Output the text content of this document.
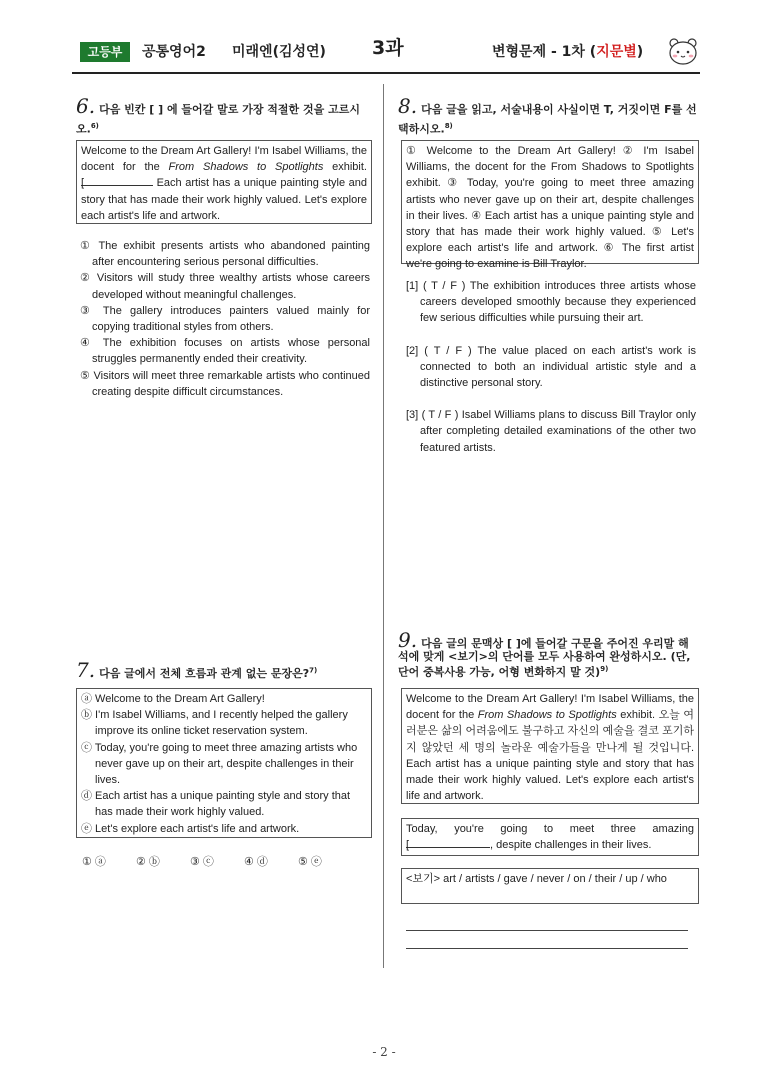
고등부	공통영어2 미래엔(김성연) 3과	변형문제 - 1차 (지문별)
6. 다음 빈칸 [ ] 에 들어갈 말로 가장 적절한 것을 고르시오.$^{6)}$
Welcome to the Dream Art Gallery! I'm Isabel Williams, the docent for the From Shadows to Spotlights exhibit. [	Each artist has a unique painting style and story that has made their work highly valued. Let's explore each artist's life and artwork.
① The exhibit presents artists who abandoned painting after encountering serious personal difficulties.
② Visitors will study three wealthy artists whose careers developed without meaningful challenges.
③ The gallery introduces painters valued mainly for copying traditional styles from others.
④ The exhibition focuses on artists whose personal struggles permanently ended their creativity.
⑤ Visitors will meet three remarkable artists who continued creating despite difficult circumstances.
7. 다음 글에서 전체 흐름과 관계 없는 문장은?$^{7)}$
ⓐ Welcome to the Dream Art Gallery!
ⓑ I'm Isabel Williams, and I recently helped the gallery improve its online ticket reservation system.
ⓒ Today, you're going to meet three amazing artists who never gave up on their art, despite challenges in their lives.
ⓓ Each artist has a unique painting style and story that has made their work highly valued.
ⓔ Let's explore each artist's life and artwork.
① ⓐ	② ⓑ	③ ⓒ	④ ⓓ	⑤ ⓔ
8. 다음 글을 읽고, 서술내용이 사실이면 T, 거짓이면 F를 선택하시오.$^{8)}$
① Welcome to the Dream Art Gallery! ② I'm Isabel Williams, the docent for the From Shadows to Spotlights exhibit. ③ Today, you're going to meet three amazing artists who never gave up on their art, despite challenges in their lives. ④ Each artist has a unique painting style and story that has made their work highly valued. ⑤ Let's explore each artist's life and artwork. ⑥ The first artist we're going to examine is Bill Traylor.
[1] ( T / F ) The exhibition introduces three artists whose careers developed smoothly because they experienced few serious difficulties while pursuing their art.
[2] ( T / F ) The value placed on each artist's work is connected to both an individual artistic style and a distinctive personal story.
[3] ( T / F ) Isabel Williams plans to discuss Bill Traylor only after completing detailed examinations of the other two featured artists.
9. 다음 글의 문맥상 [ ]에 들어갈 구문을 주어진 우리말 해석에 맞게 <보기>의 단어를 모두 사용하여 완성하시오. (단, 단어 중복사용 가능, 어형 변화하지 말 것)$^{9)}$
Welcome to the Dream Art Gallery! I'm Isabel Williams, the docent for the From Shadows to Spotlights exhibit. 오늘 여러분은 삶의 어려움에도 불구하고 자신의 예술을 결코 포기하지 않았던 세 명의 놀라운 예술가들을 만나게 될 것입니다. Each artist has a unique painting style and story that has made their work highly valued. Let's explore each artist's life and artwork.
Today, you're going to meet three amazing [	, despite challenges in their lives.
<보기> art / artists / gave / never / on / their / up / who
- 2 -
